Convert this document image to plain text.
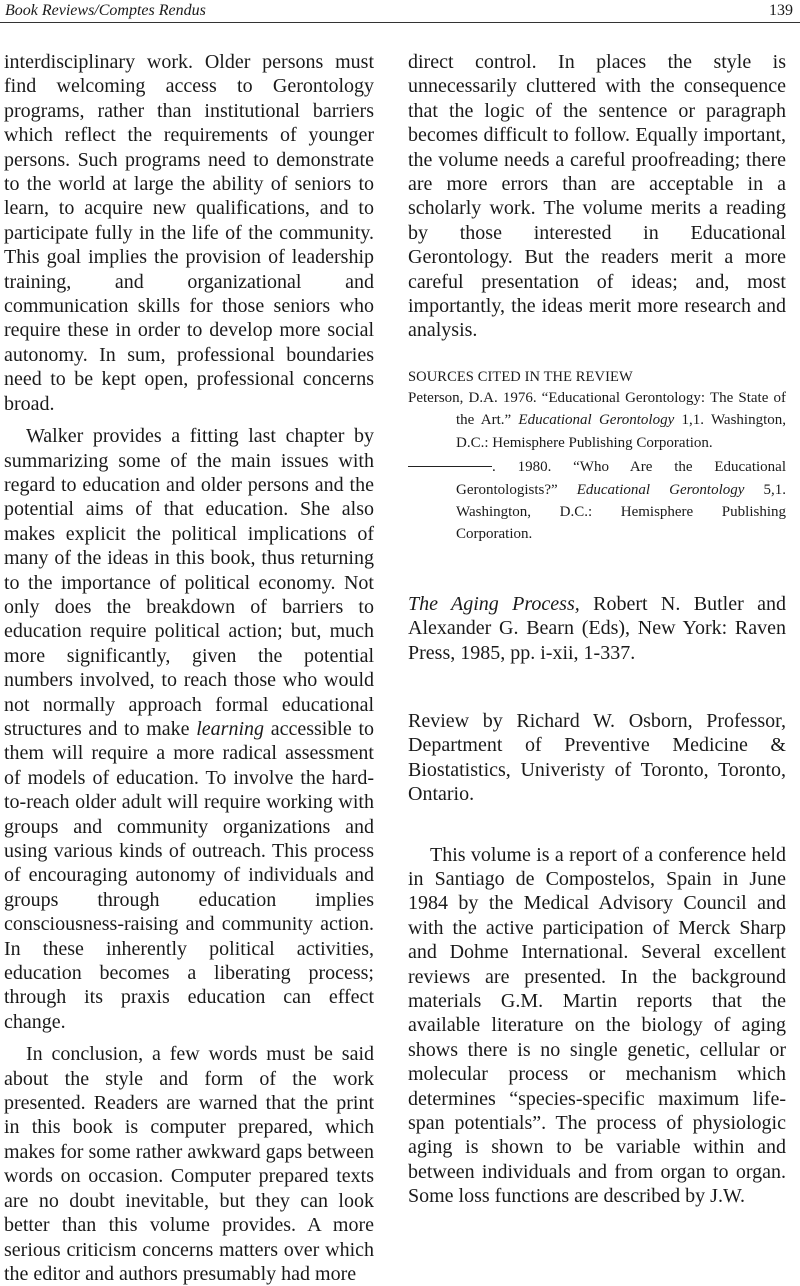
Book Reviews/Comptes Rendus	139

interdisciplinary work. Older persons must find welcoming access to Gerontology programs, rather than institutional barriers which reflect the requirements of younger persons. Such programs need to demonstrate to the world at large the ability of seniors to learn, to acquire new qualifications, and to participate fully in the life of the community. This goal implies the provision of leadership training, and organizational and communication skills for those seniors who require these in order to develop more social autonomy. In sum, professional boundaries need to be kept open, professional concerns broad.

Walker provides a fitting last chapter by summarizing some of the main issues with regard to education and older persons and the potential aims of that education. She also makes explicit the political implications of many of the ideas in this book, thus returning to the importance of political economy. Not only does the breakdown of barriers to education require political action; but, much more significantly, given the potential numbers involved, to reach those who would not normally approach formal educational structures and to make learning accessible to them will require a more radical assessment of models of education. To involve the hard-to-reach older adult will require working with groups and community organizations and using various kinds of outreach. This process of encouraging autonomy of individuals and groups through education implies consciousness-raising and community action. In these inherently political activities, education becomes a liberating process; through its praxis education can effect change.

In conclusion, a few words must be said about the style and form of the work presented. Readers are warned that the print in this book is computer prepared, which makes for some rather awkward gaps between words on occasion. Computer prepared texts are no doubt inevitable, but they can look better than this volume provides. A more serious criticism concerns matters over which the editor and authors presumably had more

direct control. In places the style is unnecessarily cluttered with the consequence that the logic of the sentence or paragraph becomes difficult to follow. Equally important, the volume needs a careful proofreading; there are more errors than are acceptable in a scholarly work. The volume merits a reading by those interested in Educational Gerontology. But the readers merit a more careful presentation of ideas; and, most importantly, the ideas merit more research and analysis.

SOURCES CITED IN THE REVIEW

Peterson, D.A. 1976. “Educational Gerontology: The State of the Art.” Educational Gerontology 1,1. Washington, D.C.: Hemisphere Publishing Corporation.

. 1980. “Who Are the Educational Gerontologists?” Educational Gerontology 5,1. Washington, D.C.: Hemisphere Publishing Corporation.

The Aging Process, Robert N. Butler and Alexander G. Bearn (Eds), New York: Raven Press, 1985, pp. i-xii, 1-337.

Review by Richard W. Osborn, Professor, Department of Preventive Medicine & Biostatistics, Univeristy of Toronto, Toronto, Ontario.

This volume is a report of a conference held in Santiago de Compostelos, Spain in June 1984 by the Medical Advisory Council and with the active participation of Merck Sharp and Dohme International. Several excellent reviews are presented. In the background materials G.M. Martin reports that the available literature on the biology of aging shows there is no single genetic, cellular or molecular process or mechanism which determines “species-specific maximum life-span potentials”. The process of physiologic aging is shown to be variable within and between individuals and from organ to organ. Some loss functions are described by J.W.
